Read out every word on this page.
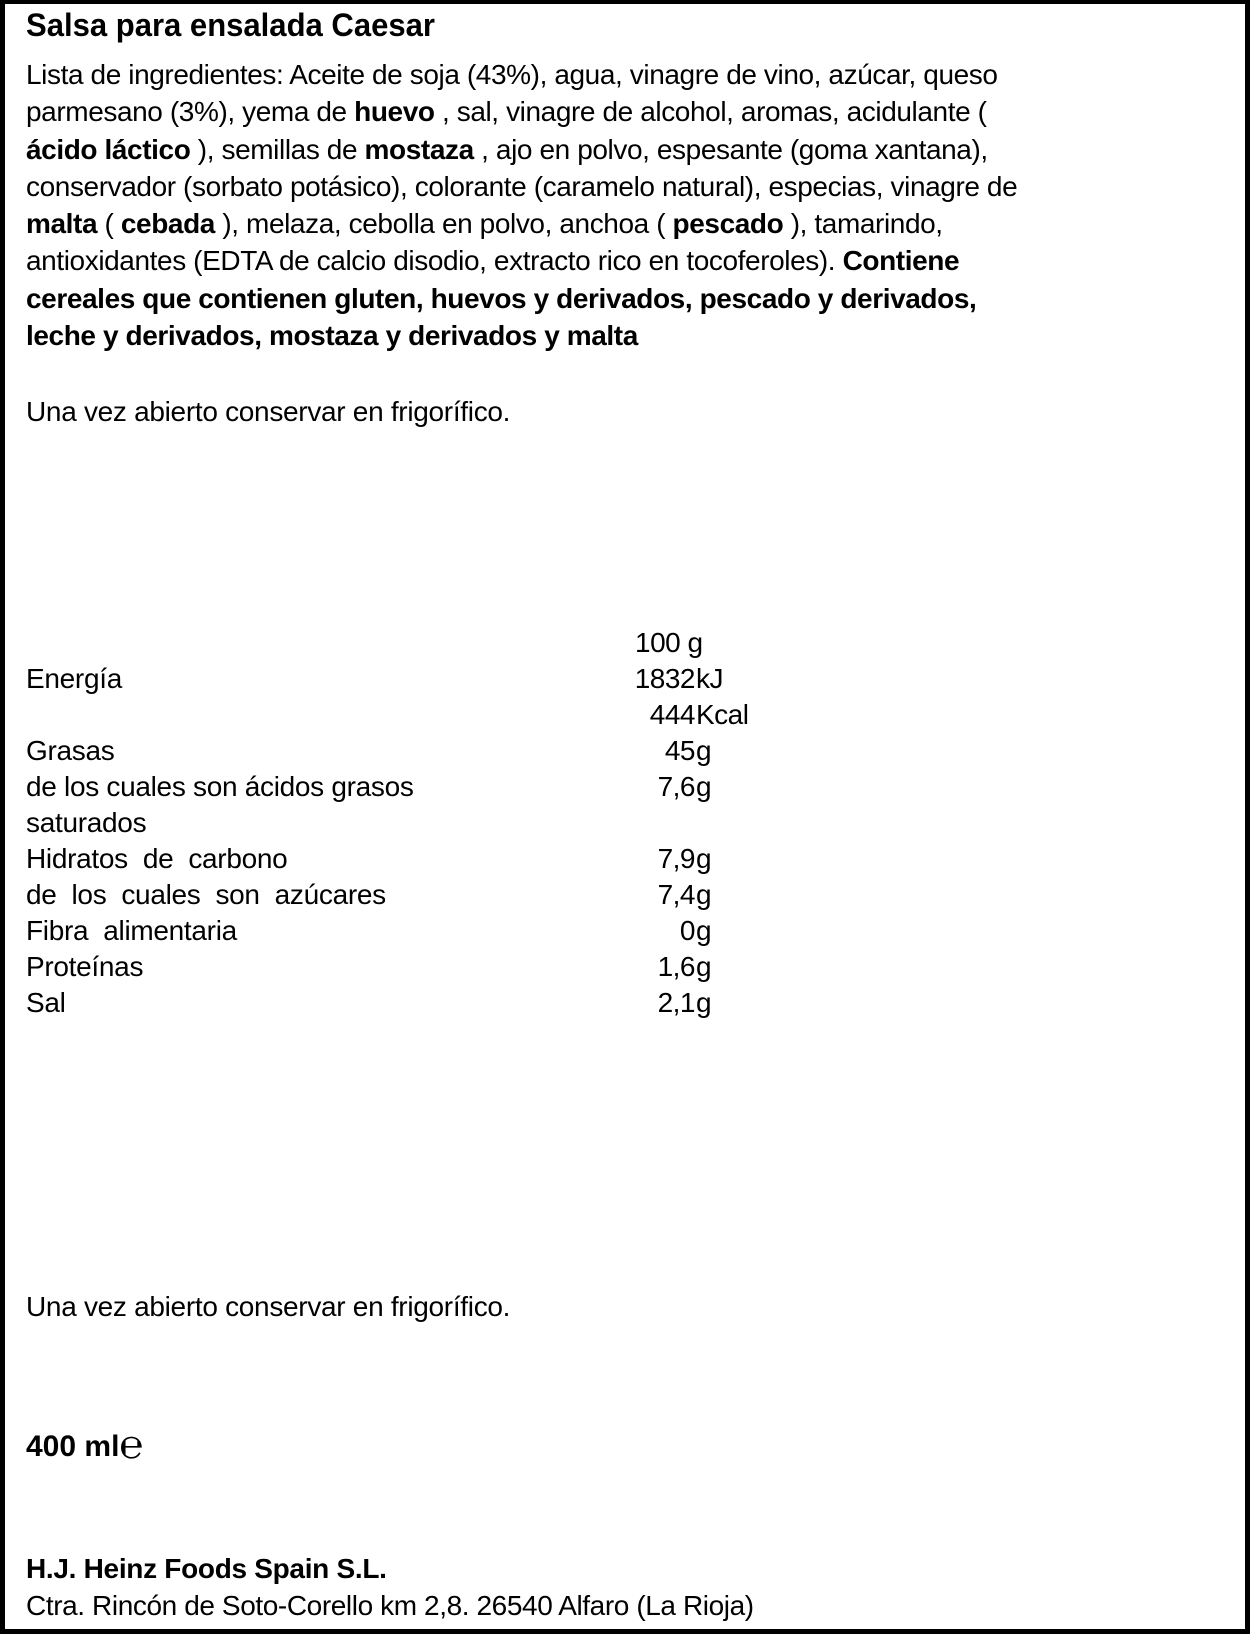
Salsa para ensalada Caesar
Lista de ingredientes: Aceite de soja (43%), agua, vinagre de vino, azúcar, queso
parmesano (3%), yema de huevo , sal, vinagre de alcohol, aromas, acidulante (
ácido láctico ), semillas de mostaza , ajo en polvo, espesante (goma xantana),
conservador (sorbato potásico), colorante (caramelo natural), especias, vinagre de
malta ( cebada ), melaza, cebolla en polvo, anchoa ( pescado ), tamarindo,
antioxidantes (EDTA de calcio disodio, extracto rico en tocoferoles). Contiene
cereales que contienen gluten, huevos y derivados, pescado y derivados,
leche y derivados, mostaza y derivados y malta
Una vez abierto conservar en frigorífico.
100 g
Energía	1832 kJ
444 Kcal
Grasas	45 g
de los cuales son ácidos grasos	7,6 g
saturados
Hidratos  de  carbono	7,9 g
de  los  cuales  son  azúcares	7,4 g
Fibra  alimentaria	0 g
Proteínas	1,6 g
Sal	2,1 g
Una vez abierto conservar en frigorífico.
400 ml℮
H.J. Heinz Foods Spain S.L.
Ctra. Rincón de Soto-Corello km 2,8. 26540 Alfaro (La Rioja)
